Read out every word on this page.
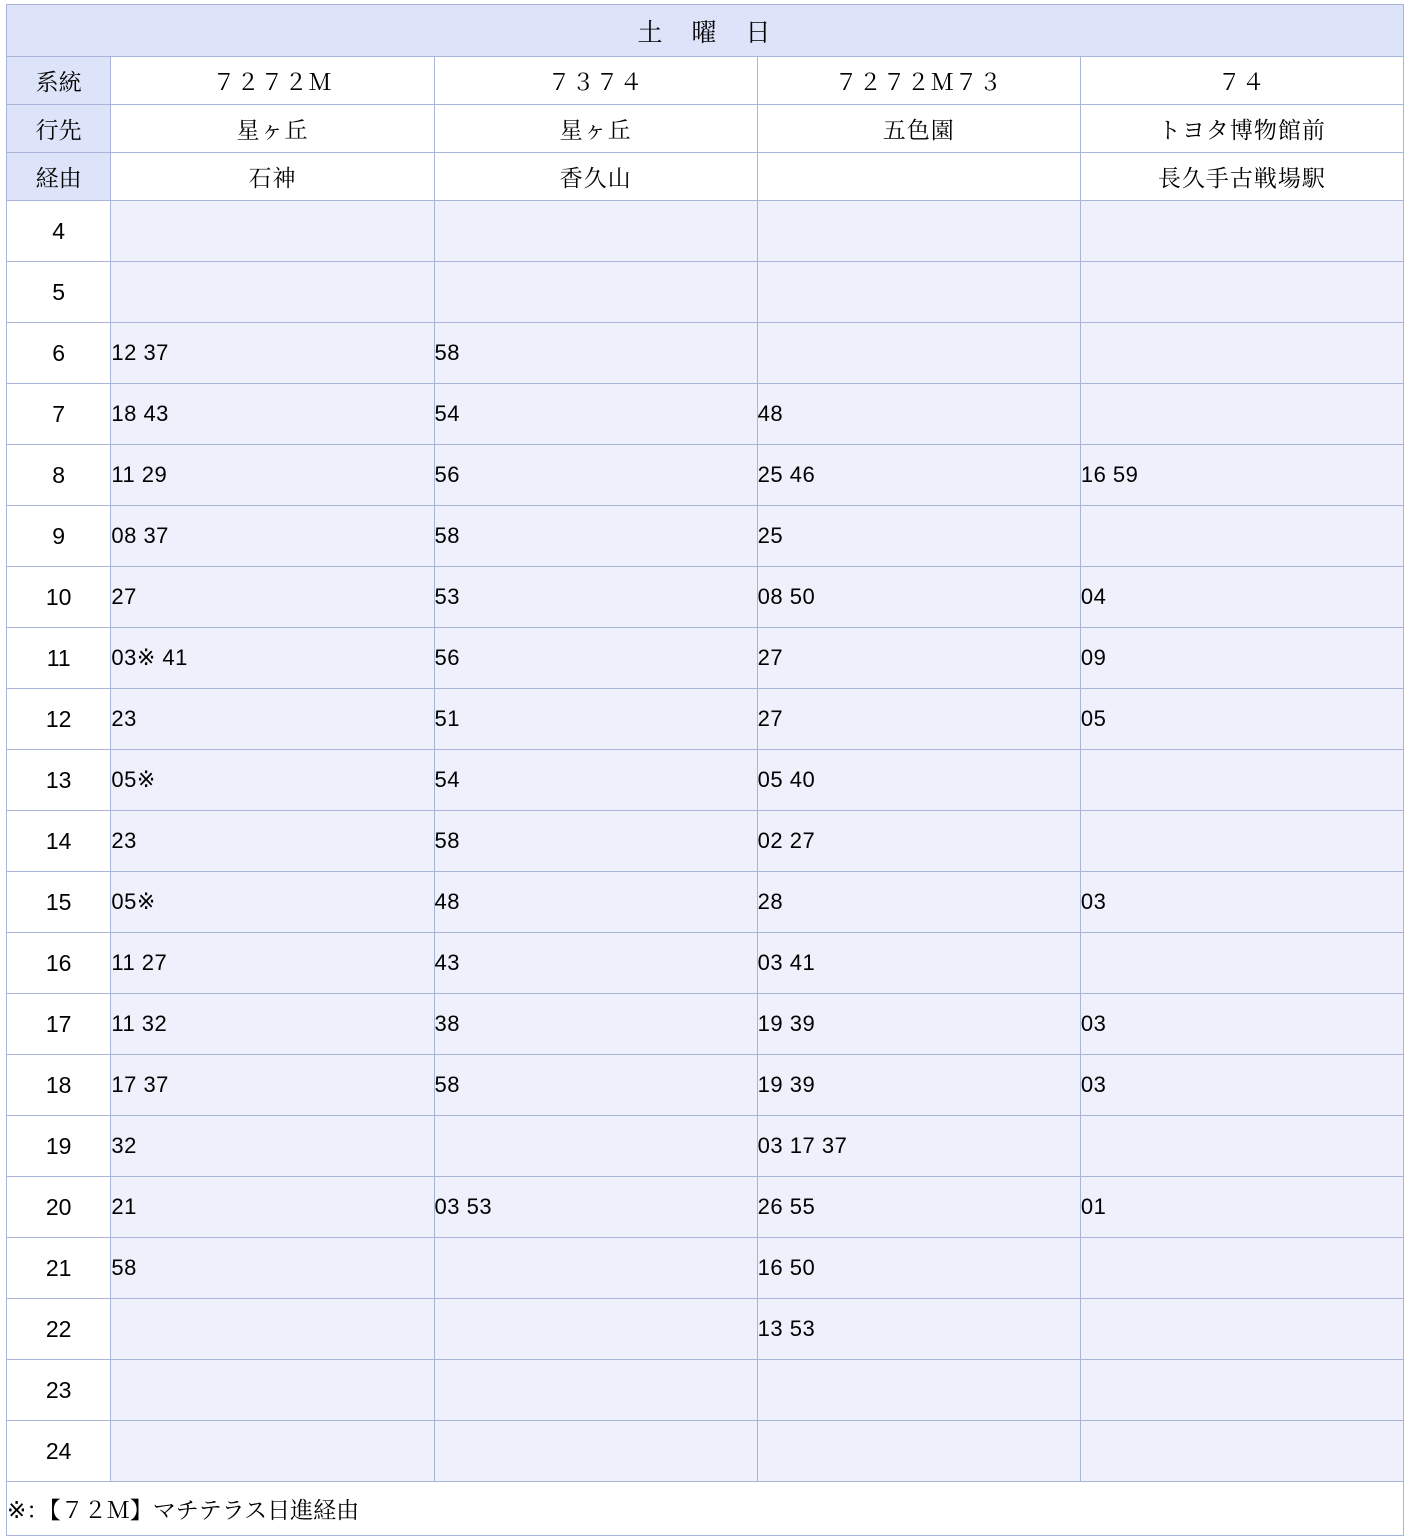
土　曜　日				
系統	７２７２Ｍ	７３７４	７２７２Ｍ７３	７４
行先	星ヶ丘	星ヶ丘	五色園	トヨタ博物館前
経由	石神	香久山		長久手古戦場駅
4				
5				
6	12 37	58		
7	18 43	54	48	
8	11 29	56	25 46	16 59
9	08 37	58	25	
10	27	53	08 50	04
11	03※ 41	56	27	09
12	23	51	27	05
13	05※	54	05 40	
14	23	58	02 27	
15	05※	48	28	03
16	11 27	43	03 41	
17	11 32	38	19 39	03
18	17 37	58	19 39	03
19	32		03 17 37	
20	21	03 53	26 55	01
21	58		16 50	
22			13 53	
23				
24				
※：【７２Ｍ】マチテラス日進経由				
